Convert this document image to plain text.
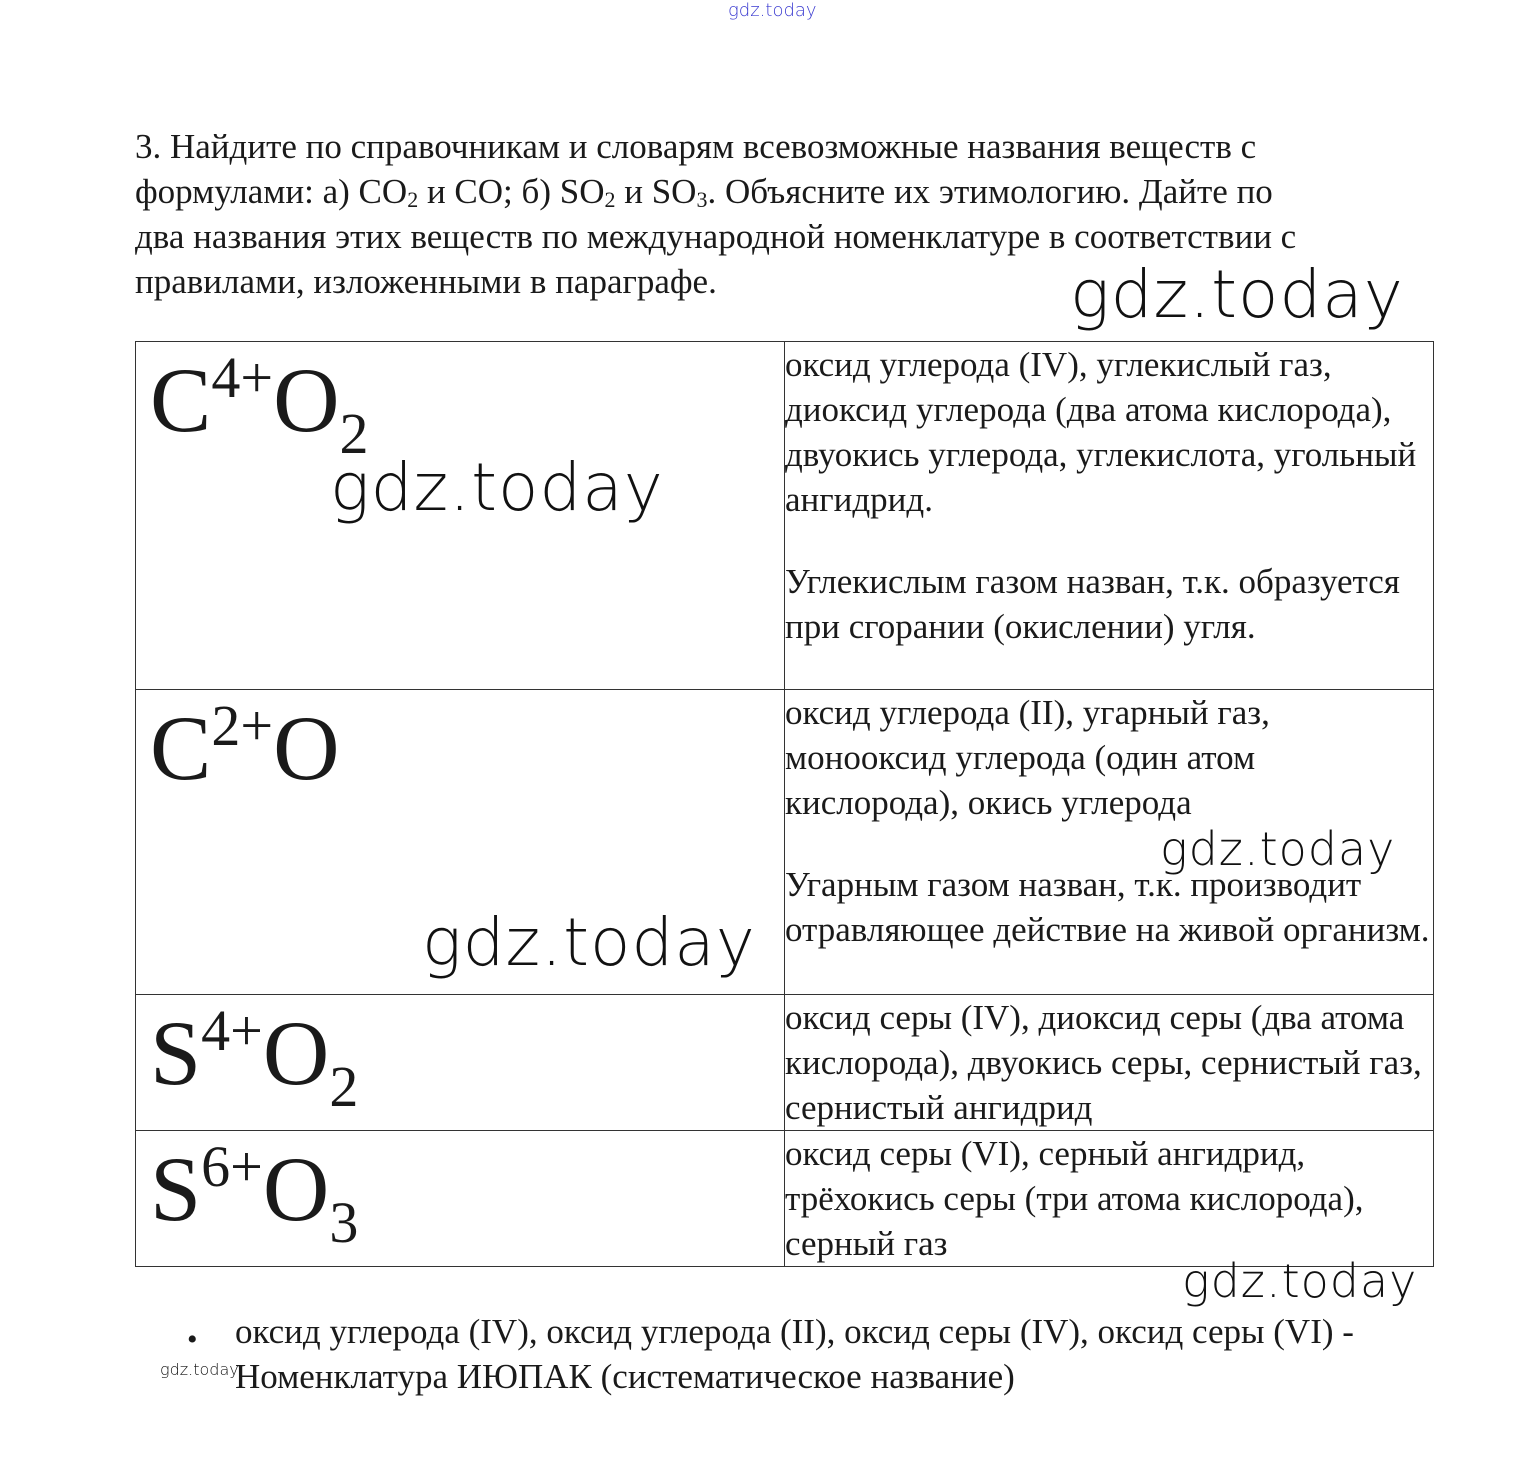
gdz.today
3. Найдите по справочникам и словарям всевозможные названия веществ с
формулами: а) $CO_2$ и CO; б) $SO_2$ и $SO_3$. Объясните их этимологию. Дайте по
два названия этих веществ по международной номенклатуре в соответствии с
правилами, изложенными в параграфе.
$C^{4+}O_2$	оксид углерода (IV), углекислый газ, диоксид углерода (два атома кислорода), двуокись углерода, углекислота, угольный ангидрид.

Углекислым газом назван, т.к. образуется при сгорании (окислении) угля.

$C^{2+}O$	оксид углерода (II), угарный газ, монооксид углерода (один атом кислорода), окись углерода

Угарным газом назван, т.к. производит отравляющее действие на живой организм.

$S^{4+}O_2$	оксид серы (IV), диоксид серы (два атома кислорода), двуокись серы, сернистый газ, сернистый ангидрид

$S^{6+}O_3$	оксид серы (VI), серный ангидрид, трёхокись серы (три атома кислорода), серный газ

• оксид углерода (IV), оксид углерода (II), оксид серы (IV), оксид серы (VI) - Номенклатура ИЮПАК (систематическое название)
gdz.today
gdz.today
gdz.today
gdz.today
gdz.today
gdz.today
